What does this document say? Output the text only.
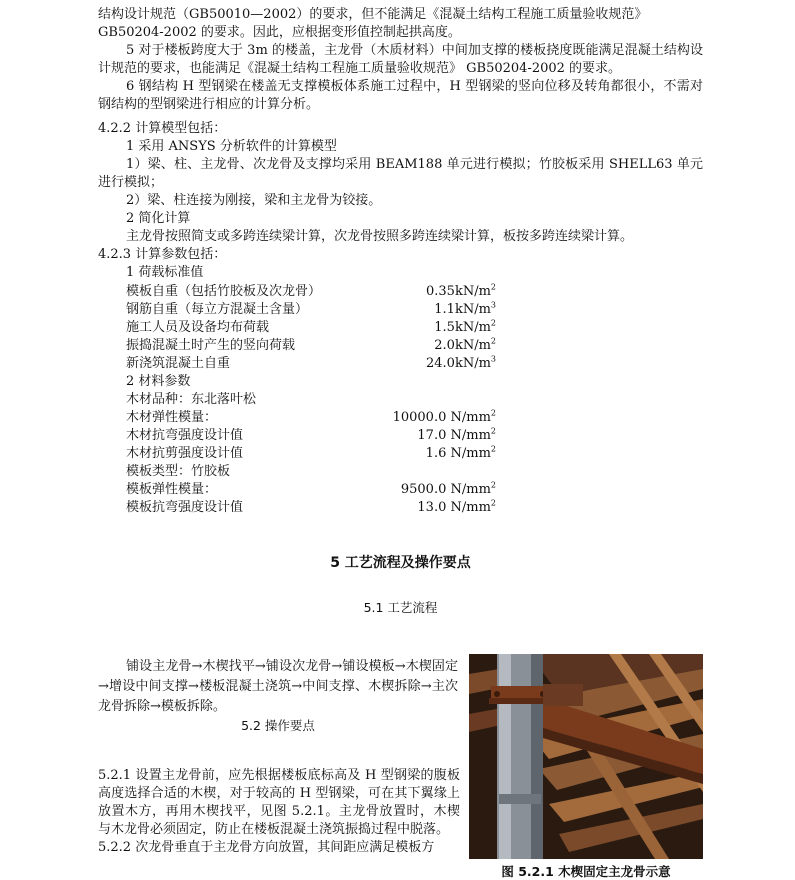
结构设计规范（GB50010—2002）的要求，但不能满足《混凝土结构工程施工质量验收规范》

GB50204-2002 的要求。因此，应根据变形值控制起拱高度。

5 对于楼板跨度大于 3m 的楼盖，主龙骨（木质材料）中间加支撑的楼板挠度既能满足混凝土结构设计规范的要求，也能满足《混凝土结构工程施工质量验收规范》 GB50204-2002 的要求。

6 钢结构 H 型钢梁在楼盖无支撑模板体系施工过程中，H 型钢梁的竖向位移及转角都很小，不需对钢结构的型钢梁进行相应的计算分析。

4.2.2 计算模型包括：

1 采用 ANSYS 分析软件的计算模型

1）梁、柱、主龙骨、次龙骨及支撑均采用 BEAM188 单元进行模拟；竹胶板采用 SHELL63 单元进行模拟；

2）梁、柱连接为刚接，梁和主龙骨为铰接。

2 简化计算

主龙骨按照简支或多跨连续梁计算，次龙骨按照多跨连续梁计算，板按多跨连续梁计算。

4.2.3 计算参数包括：

1 荷载标准值

模板自重（包括竹胶板及次龙骨）	$0.35kN/m^2$
钢筋自重（每立方混凝土含量）	$1.1kN/m^3$
施工人员及设备均布荷载	$1.5kN/m^2$
振捣混凝土时产生的竖向荷载	$2.0kN/m^2$
新浇筑混凝土自重	$24.0kN/m^3$
2 材料参数
木材品种：东北落叶松
木材弹性模量：	10000.0 $N/mm^2$
木材抗弯强度设计值	17.0 $N/mm^2$
木材抗剪强度设计值	1.6 $N/mm^2$
模板类型：竹胶板
模板弹性模量：	9500.0 $N/mm^2$
模板抗弯强度设计值	13.0 $N/mm^2$
5 工艺流程及操作要点
5.1 工艺流程

铺设主龙骨→木楔找平→铺设次龙骨→铺设模板→木楔固定→增设中间支撑→楼板混凝土浇筑→中间支撑、木楔拆除→主次龙骨拆除→模板拆除。

5.2 操作要点

5.2.1 设置主龙骨前，应先根据楼板底标高及 H 型钢梁的腹板高度选择合适的木楔，对于较高的 H 型钢梁，可在其下翼缘上放置木方，再用木楔找平，见图 5.2.1。主龙骨放置时，木楔与木龙骨必须固定，防止在楼板混凝土浇筑振捣过程中脱落。

5.2.2 次龙骨垂直于主龙骨方向放置，其间距应满足模板方

图 5.2.1 木楔固定主龙骨示意
